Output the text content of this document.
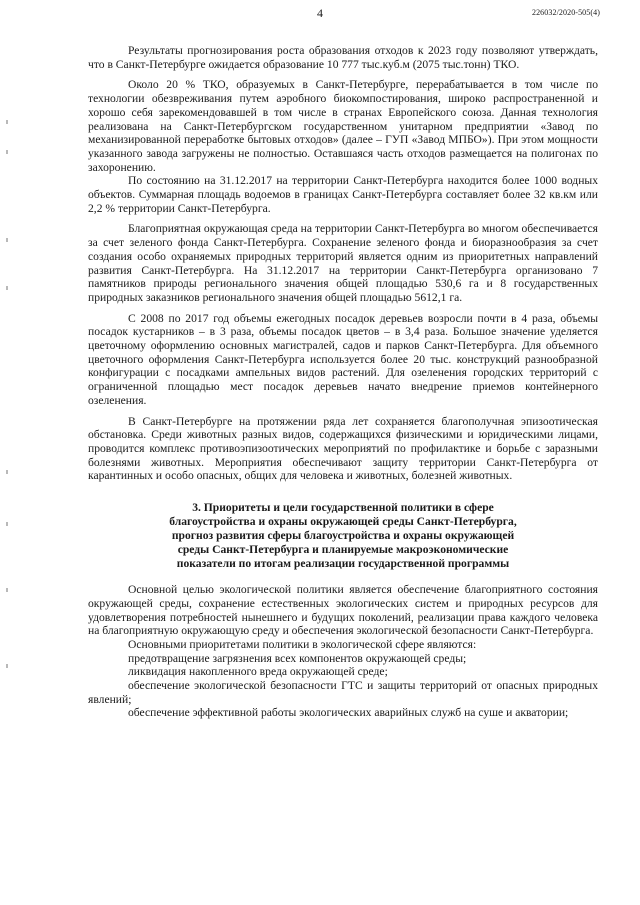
4	226032/2020-505(4)

Результаты прогнозирования роста образования отходов к 2023 году позволяют утверждать, что в Санкт-Петербурге ожидается образование 10 777 тыс.куб.м (2075 тыс.тонн) ТКО.

Около 20 % ТКО, образуемых в Санкт-Петербурге, перерабатывается в том числе по технологии обезвреживания путем аэробного биокомпостирования, широко распространенной и хорошо себя зарекомендовавшей в том числе в странах Европейского союза. Данная технология реализована на Санкт-Петербургском государственном унитарном предприятии «Завод по механизированной переработке бытовых отходов» (далее – ГУП «Завод МПБО»). При этом мощности указанного завода загружены не полностью. Оставшаяся часть отходов размещается на полигонах по захоронению.

По состоянию на 31.12.2017 на территории Санкт-Петербурга находится более 1000 водных объектов. Суммарная площадь водоемов в границах Санкт-Петербурга составляет более 32 кв.км или 2,2 % территории Санкт-Петербурга.

Благоприятная окружающая среда на территории Санкт-Петербурга во многом обеспечивается за счет зеленого фонда Санкт-Петербурга. Сохранение зеленого фонда и биоразнообразия за счет создания особо охраняемых природных территорий является одним из приоритетных направлений развития Санкт-Петербурга. На 31.12.2017 на территории Санкт-Петербурга организовано 7 памятников природы регионального значения общей площадью 530,6 га и 8 государственных природных заказников регионального значения общей площадью 5612,1 га.

С 2008 по 2017 год объемы ежегодных посадок деревьев возросли почти в 4 раза, объемы посадок кустарников – в 3 раза, объемы посадок цветов – в 3,4 раза. Большое значение уделяется цветочному оформлению основных магистралей, садов и парков Санкт-Петербурга. Для объемного цветочного оформления Санкт-Петербурга используется более 20 тыс. конструкций разнообразной конфигурации с посадками ампельных видов растений. Для озеленения городских территорий с ограниченной площадью мест посадок деревьев начато внедрение приемов контейнерного озеленения.

В Санкт-Петербурге на протяжении ряда лет сохраняется благополучная эпизоотическая обстановка. Среди животных разных видов, содержащихся физическими и юридическими лицами, проводится комплекс противоэпизоотических мероприятий по профилактике и борьбе с заразными болезнями животных. Мероприятия обеспечивают защиту территории Санкт-Петербурга от карантинных и особо опасных, общих для человека и животных, болезней животных.

3. Приоритеты и цели государственной политики в сфере
благоустройства и охраны окружающей среды Санкт-Петербурга,
прогноз развития сферы благоустройства и охраны окружающей
среды Санкт-Петербурга и планируемые макроэкономические
показатели по итогам реализации государственной программы

Основной целью экологической политики является обеспечение благоприятного состояния окружающей среды, сохранение естественных экологических систем и природных ресурсов для удовлетворения потребностей нынешнего и будущих поколений, реализации права каждого человека на благоприятную окружающую среду и обеспечения экологической безопасности Санкт-Петербурга.

Основными приоритетами политики в экологической сфере являются:

предотвращение загрязнения всех компонентов окружающей среды;

ликвидация накопленного вреда окружающей среде;

обеспечение экологической безопасности ГТС и защиты территорий от опасных природных явлений;

обеспечение эффективной работы экологических аварийных служб на суше и акватории;
